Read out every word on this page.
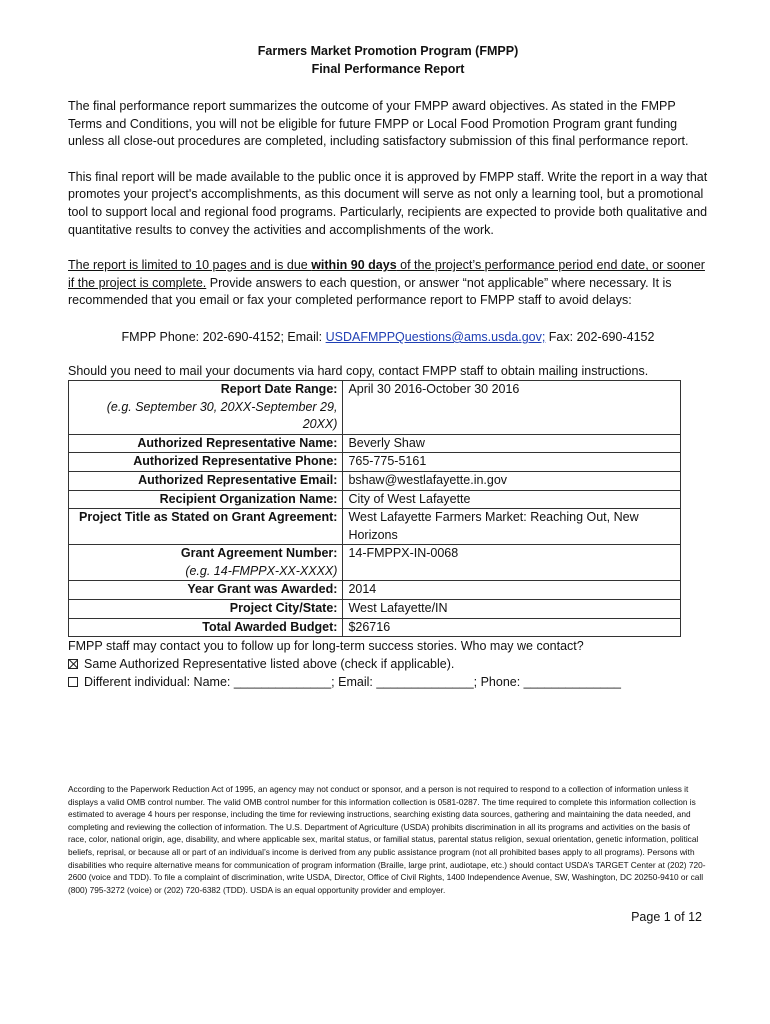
Farmers Market Promotion Program (FMPP)
Final Performance Report

The final performance report summarizes the outcome of your FMPP award objectives. As stated in the FMPP Terms and Conditions, you will not be eligible for future FMPP or Local Food Promotion Program grant funding unless all close-out procedures are completed, including satisfactory submission of this final performance report.

This final report will be made available to the public once it is approved by FMPP staff. Write the report in a way that promotes your project's accomplishments, as this document will serve as not only a learning tool, but a promotional tool to support local and regional food programs. Particularly, recipients are expected to provide both qualitative and quantitative results to convey the activities and accomplishments of the work.

The report is limited to 10 pages and is due within 90 days of the project’s performance period end date, or sooner if the project is complete. Provide answers to each question, or answer “not applicable” where necessary. It is recommended that you email or fax your completed performance report to FMPP staff to avoid delays:

FMPP Phone: 202-690-4152; Email: USDAFMPPQuestions@ams.usda.gov; Fax: 202-690-4152
Should you need to mail your documents via hard copy, contact FMPP staff to obtain mailing instructions.
Report Date Range:
(e.g. September 30, 20XX-September 29, 20XX)	April 30 2016-October 30 2016
Authorized Representative Name:	Beverly Shaw
Authorized Representative Phone:	765-775-5161
Authorized Representative Email:	bshaw@westlafayette.in.gov
Recipient Organization Name:	City of West Lafayette
Project Title as Stated on Grant Agreement:	West Lafayette Farmers Market: Reaching Out, New Horizons
Grant Agreement Number:
(e.g. 14-FMPPX-XX-XXXX)	14-FMPPX-IN-0068
Year Grant was Awarded:	2014
Project City/State:	West Lafayette/IN
Total Awarded Budget:	$26716
FMPP staff may contact you to follow up for long-term success stories. Who may we contact?
Same Authorized Representative listed above (check if applicable).
Different individual: Name: ______________; Email: ______________; Phone: ______________

According to the Paperwork Reduction Act of 1995, an agency may not conduct or sponsor, and a person is not required to respond to a collection of information unless it displays a valid OMB control number. The valid OMB control number for this information collection is 0581-0287. The time required to complete this information collection is estimated to average 4 hours per response, including the time for reviewing instructions, searching existing data sources, gathering and maintaining the data needed, and completing and reviewing the collection of information. The U.S. Department of Agriculture (USDA) prohibits discrimination in all its programs and activities on the basis of race, color, national origin, age, disability, and where applicable sex, marital status, or familial status, parental status religion, sexual orientation, genetic information, political beliefs, reprisal, or because all or part of an individual’s income is derived from any public assistance program (not all prohibited bases apply to all programs). Persons with disabilities who require alternative means for communication of program information (Braille, large print, audiotape, etc.) should contact USDA’s TARGET Center at (202) 720-2600 (voice and TDD). To file a complaint of discrimination, write USDA, Director, Office of Civil Rights, 1400 Independence Avenue, SW, Washington, DC 20250-9410 or call (800) 795-3272 (voice) or (202) 720-6382 (TDD). USDA is an equal opportunity provider and employer.

Page 1 of 12
